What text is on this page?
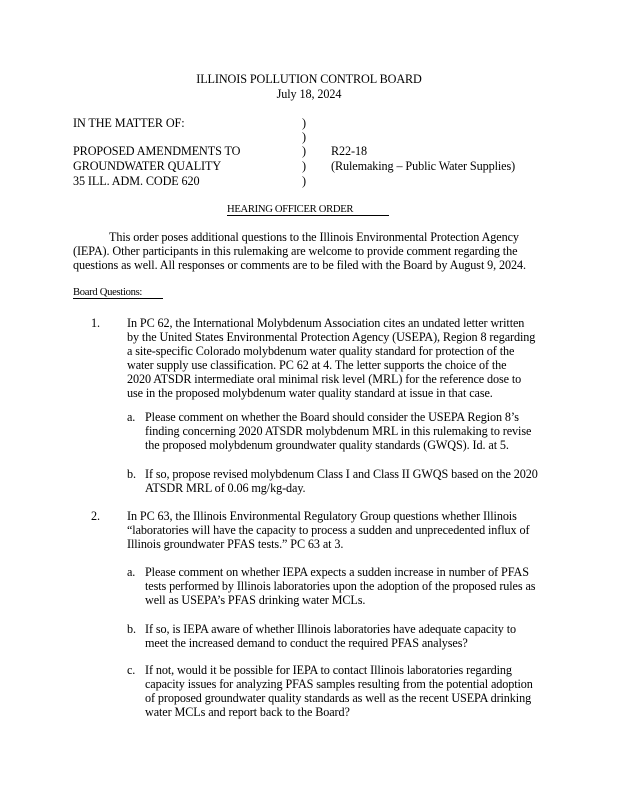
ILLINOIS POLLUTION CONTROL BOARD
July 18, 2024
IN THE MATTER OF:
PROPOSED AMENDMENTS TO
GROUNDWATER QUALITY
35 ILL. ADM. CODE 620
)
)
)
)
)
R22-18
(Rulemaking – Public Water Supplies)
HEARING OFFICER ORDER
This order poses additional questions to the Illinois Environmental Protection Agency
(IEPA). Other participants in this rulemaking are welcome to provide comment regarding the
questions as well. All responses or comments are to be filed with the Board by August 9, 2024.
Board Questions:
1. In PC 62, the International Molybdenum Association cites an undated letter written
by the United States Environmental Protection Agency (USEPA), Region 8 regarding
a site-specific Colorado molybdenum water quality standard for protection of the
water supply use classification. PC 62 at 4. The letter supports the choice of the
2020 ATSDR intermediate oral minimal risk level (MRL) for the reference dose to
use in the proposed molybdenum water quality standard at issue in that case.
a. Please comment on whether the Board should consider the USEPA Region 8’s
finding concerning 2020 ATSDR molybdenum MRL in this rulemaking to revise
the proposed molybdenum groundwater quality standards (GWQS). Id. at 5.
b. If so, propose revised molybdenum Class I and Class II GWQS based on the 2020
ATSDR MRL of 0.06 mg/kg-day.
2. In PC 63, the Illinois Environmental Regulatory Group questions whether Illinois
“laboratories will have the capacity to process a sudden and unprecedented influx of
Illinois groundwater PFAS tests.” PC 63 at 3.
a. Please comment on whether IEPA expects a sudden increase in number of PFAS
tests performed by Illinois laboratories upon the adoption of the proposed rules as
well as USEPA’s PFAS drinking water MCLs.
b. If so, is IEPA aware of whether Illinois laboratories have adequate capacity to
meet the increased demand to conduct the required PFAS analyses?
c. If not, would it be possible for IEPA to contact Illinois laboratories regarding
capacity issues for analyzing PFAS samples resulting from the potential adoption
of proposed groundwater quality standards as well as the recent USEPA drinking
water MCLs and report back to the Board?
